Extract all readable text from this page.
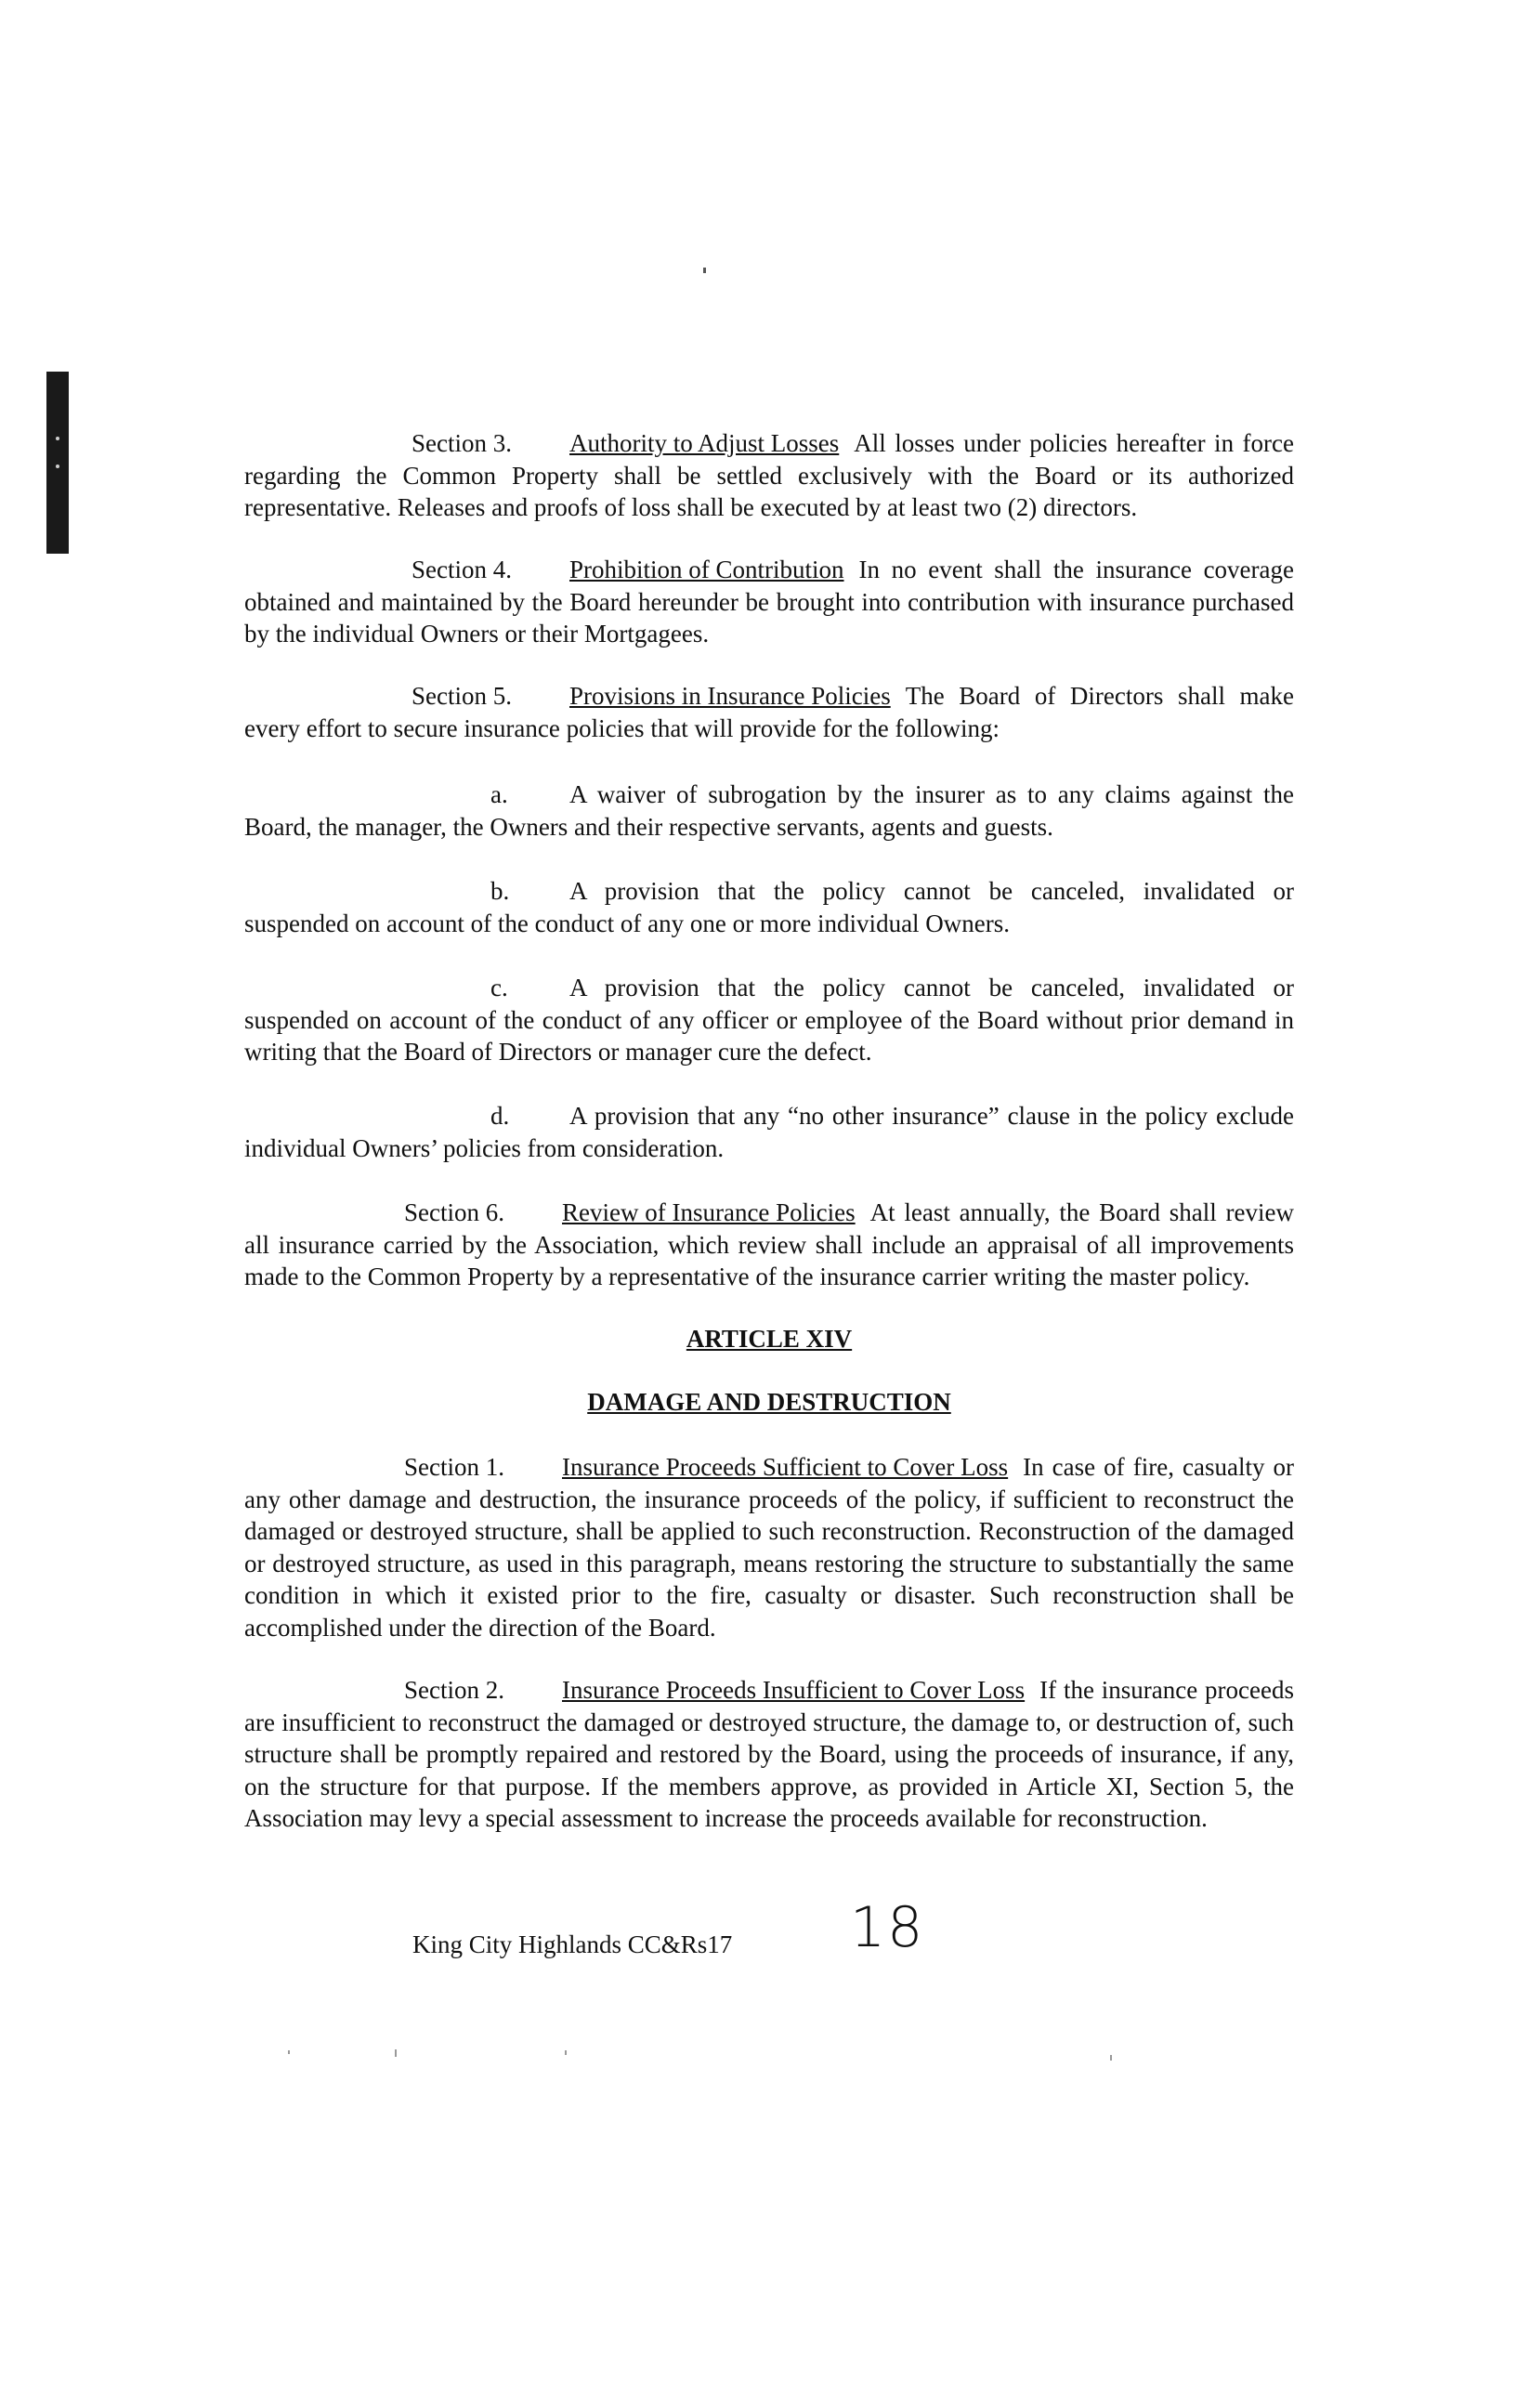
Section 3. Authority to Adjust Losses All losses under policies hereafter in force regarding the Common Property shall be settled exclusively with the Board or its authorized representative. Releases and proofs of loss shall be executed by at least two (2) directors.

Section 4. Prohibition of Contribution In no event shall the insurance coverage obtained and maintained by the Board hereunder be brought into contribution with insurance purchased by the individual Owners or their Mortgagees.

Section 5. Provisions in Insurance Policies The Board of Directors shall make every effort to secure insurance policies that will provide for the following:

a. A waiver of subrogation by the insurer as to any claims against the Board, the manager, the Owners and their respective servants, agents and guests.

b. A provision that the policy cannot be canceled, invalidated or suspended on account of the conduct of any one or more individual Owners.

c. A provision that the policy cannot be canceled, invalidated or suspended on account of the conduct of any officer or employee of the Board without prior demand in writing that the Board of Directors or manager cure the defect.

d. A provision that any “no other insurance” clause in the policy exclude individual Owners’ policies from consideration.

Section 6. Review of Insurance Policies At least annually, the Board shall review all insurance carried by the Association, which review shall include an appraisal of all improvements made to the Common Property by a representative of the insurance carrier writing the master policy.

ARTICLE XIV

DAMAGE AND DESTRUCTION

Section 1. Insurance Proceeds Sufficient to Cover Loss In case of fire, casualty or any other damage and destruction, the insurance proceeds of the policy, if sufficient to reconstruct the damaged or destroyed structure, shall be applied to such reconstruction. Reconstruction of the damaged or destroyed structure, as used in this paragraph, means restoring the structure to substantially the same condition in which it existed prior to the fire, casualty or disaster. Such reconstruction shall be accomplished under the direction of the Board.

Section 2. Insurance Proceeds Insufficient to Cover Loss If the insurance proceeds are insufficient to reconstruct the damaged or destroyed structure, the damage to, or destruction of, such structure shall be promptly repaired and restored by the Board, using the proceeds of insurance, if any, on the structure for that purpose. If the members approve, as provided in Article XI, Section 5, the Association may levy a special assessment to increase the proceeds available for reconstruction.

King City Highlands CC&Rs17 18
